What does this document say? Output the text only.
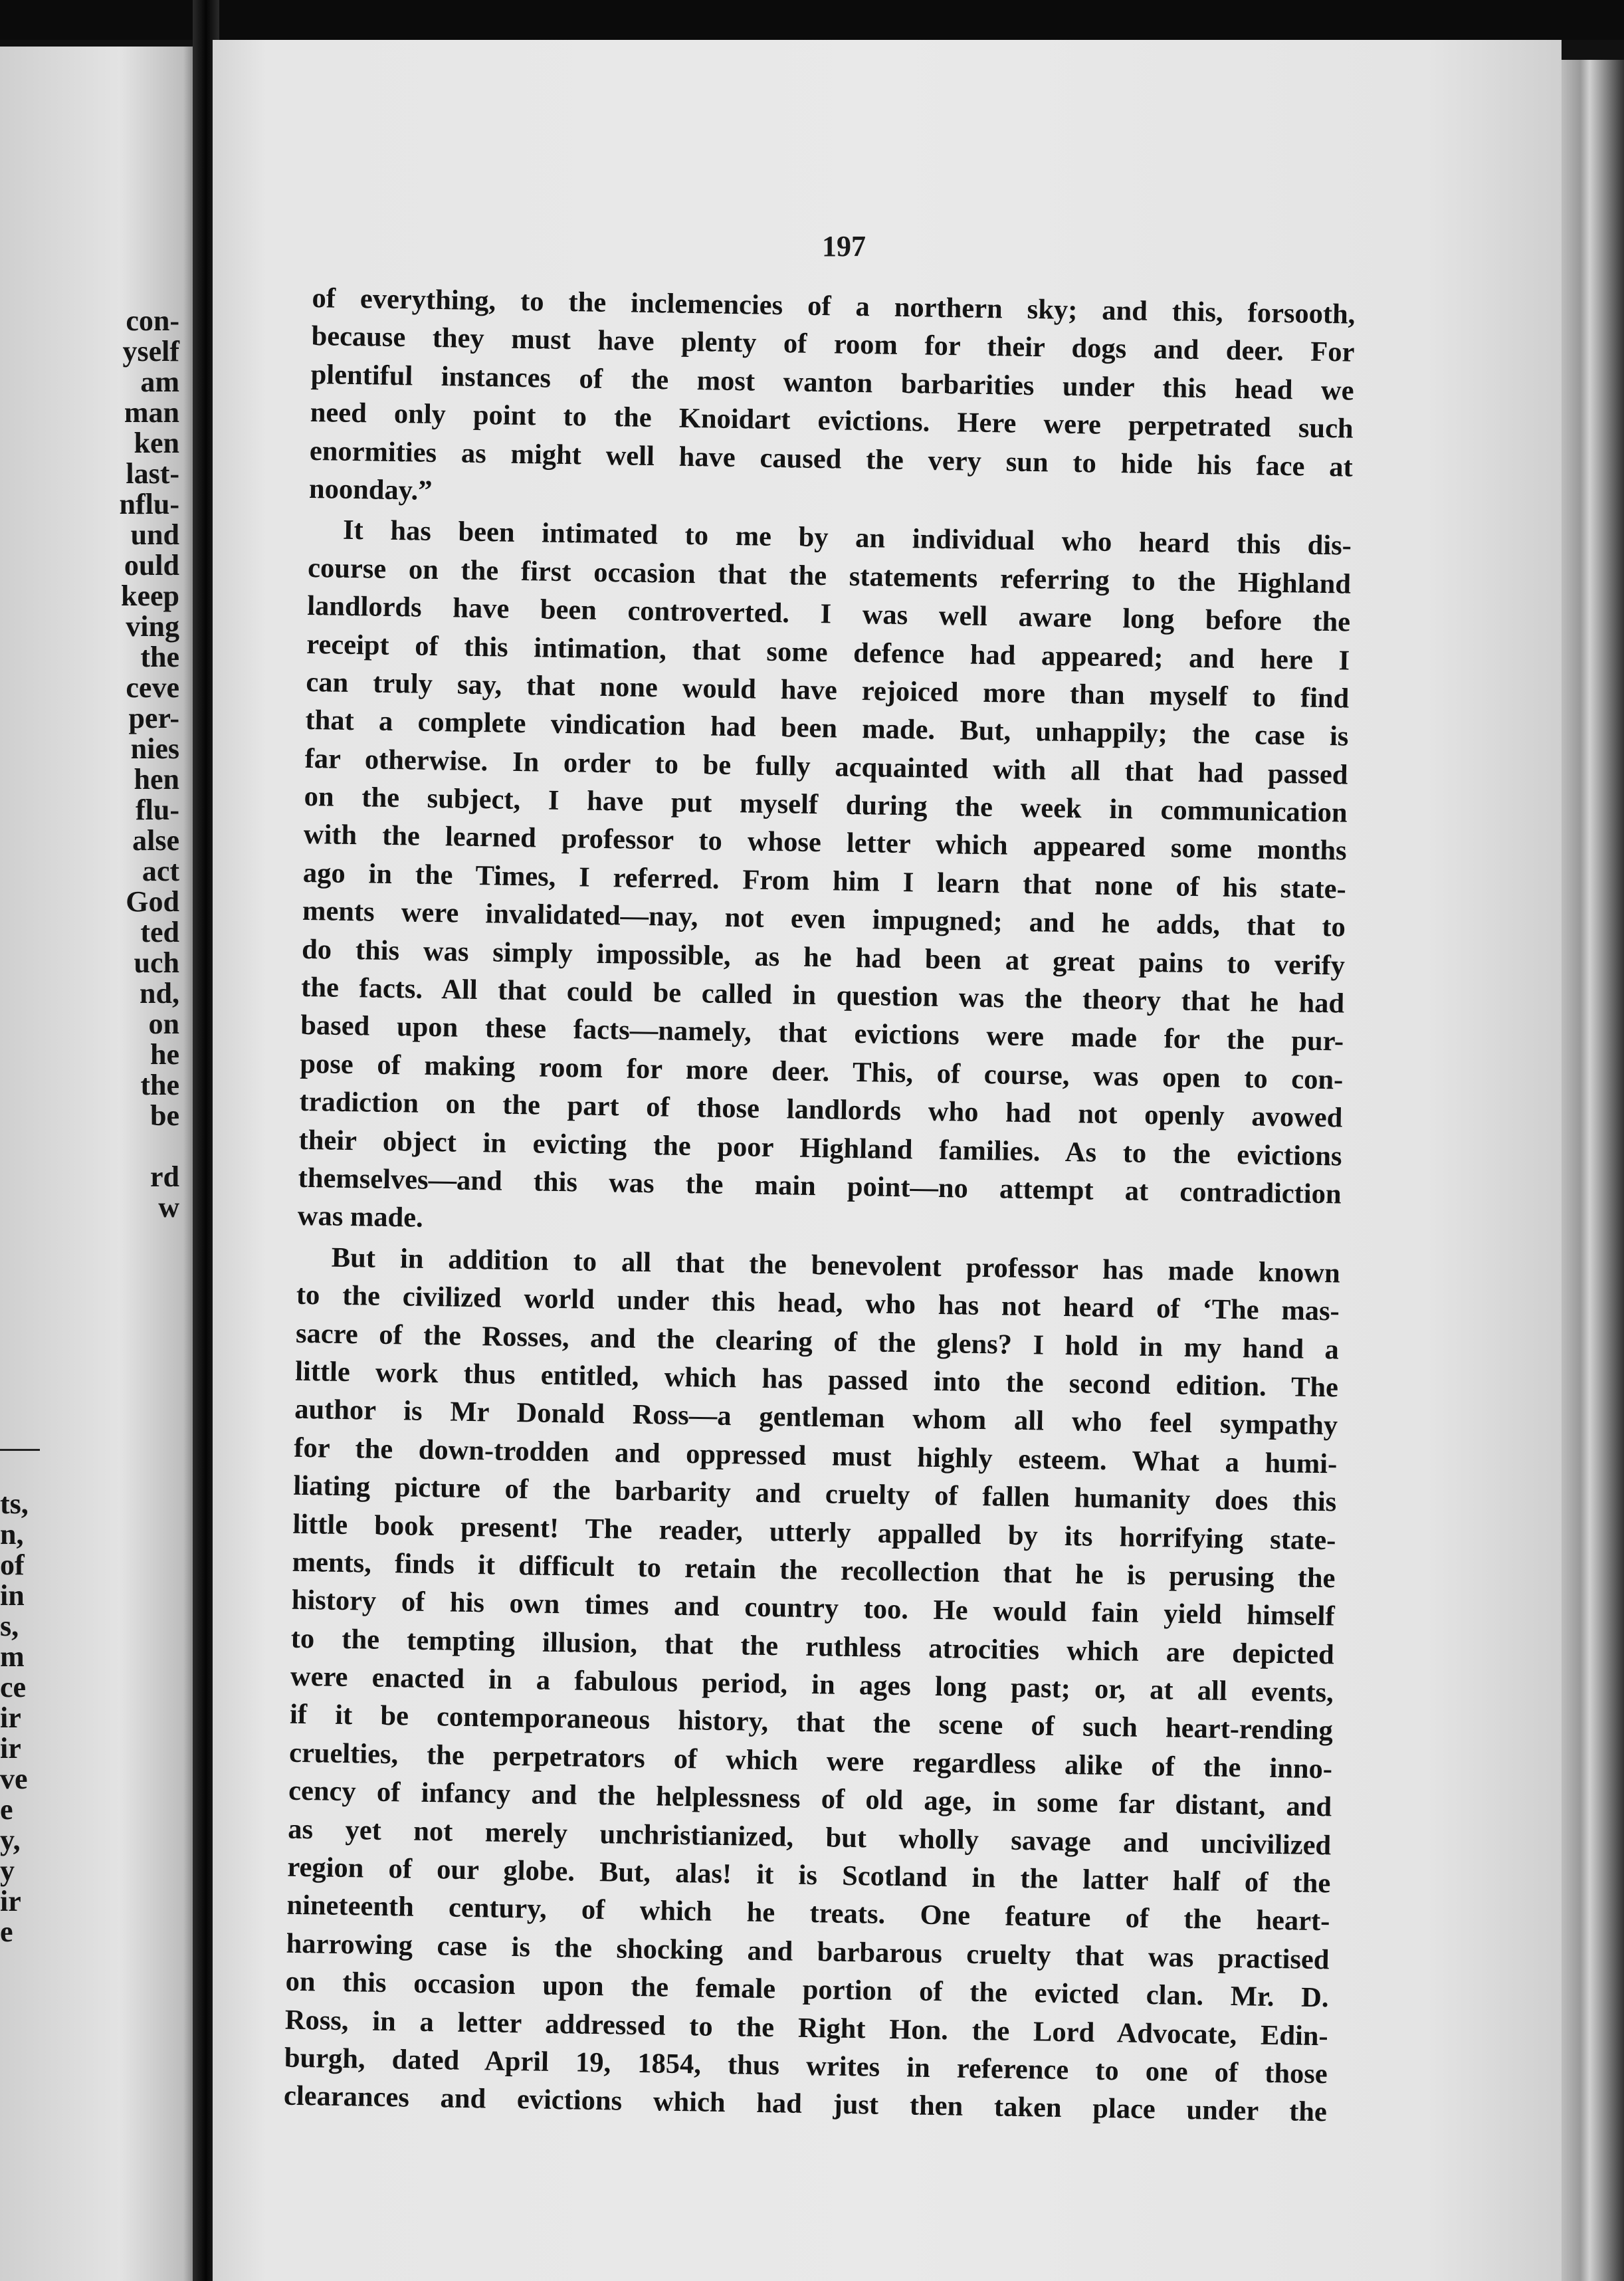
con-
yself
am
man
ken
last-
nflu-
und
ould
keep
ving
the
ceve
per-
nies
hen
flu-
alse
act
God
ted
uch
nd,
on
he
the
be
rd
w
ts,
n,
of
in
s,
m
ce
ir
ir
ve
e
y,
y
ir
e
197
of everything, to the inclemencies of a northern sky; and this, forsooth,
because they must have plenty of room for their dogs and deer. For
plentiful instances of the most wanton barbarities under this head we
need only point to the Knoidart evictions. Here were perpetrated such
enormities as might well have caused the very sun to hide his face at
noonday.”
It has been intimated to me by an individual who heard this dis-
course on the first occasion that the statements referring to the Highland
landlords have been controverted. I was well aware long before the
receipt of this intimation, that some defence had appeared; and here I
can truly say, that none would have rejoiced more than myself to find
that a complete vindication had been made. But, unhappily; the case is
far otherwise. In order to be fully acquainted with all that had passed
on the subject, I have put myself during the week in communication
with the learned professor to whose letter which appeared some months
ago in the Times, I referred. From him I learn that none of his state-
ments were invalidated—nay, not even impugned; and he adds, that to
do this was simply impossible, as he had been at great pains to verify
the facts. All that could be called in question was the theory that he had
based upon these facts—namely, that evictions were made for the pur-
pose of making room for more deer. This, of course, was open to con-
tradiction on the part of those landlords who had not openly avowed
their object in evicting the poor Highland families. As to the evictions
themselves—and this was the main point—no attempt at contradiction
was made.
But in addition to all that the benevolent professor has made known
to the civilized world under this head, who has not heard of ‘The mas-
sacre of the Rosses, and the clearing of the glens? I hold in my hand a
little work thus entitled, which has passed into the second edition. The
author is Mr Donald Ross—a gentleman whom all who feel sympathy
for the down-trodden and oppressed must highly esteem. What a humi-
liating picture of the barbarity and cruelty of fallen humanity does this
little book present! The reader, utterly appalled by its horrifying state-
ments, finds it difficult to retain the recollection that he is perusing the
history of his own times and country too. He would fain yield himself
to the tempting illusion, that the ruthless atrocities which are depicted
were enacted in a fabulous period, in ages long past; or, at all events,
if it be contemporaneous history, that the scene of such heart-rending
cruelties, the perpetrators of which were regardless alike of the inno-
cency of infancy and the helplessness of old age, in some far distant, and
as yet not merely unchristianized, but wholly savage and uncivilized
region of our globe. But, alas! it is Scotland in the latter half of the
nineteenth century, of which he treats. One feature of the heart-
harrowing case is the shocking and barbarous cruelty that was practised
on this occasion upon the female portion of the evicted clan. Mr. D.
Ross, in a letter addressed to the Right Hon. the Lord Advocate, Edin-
burgh, dated April 19, 1854, thus writes in reference to one of those
clearances and evictions which had just then taken place under the
